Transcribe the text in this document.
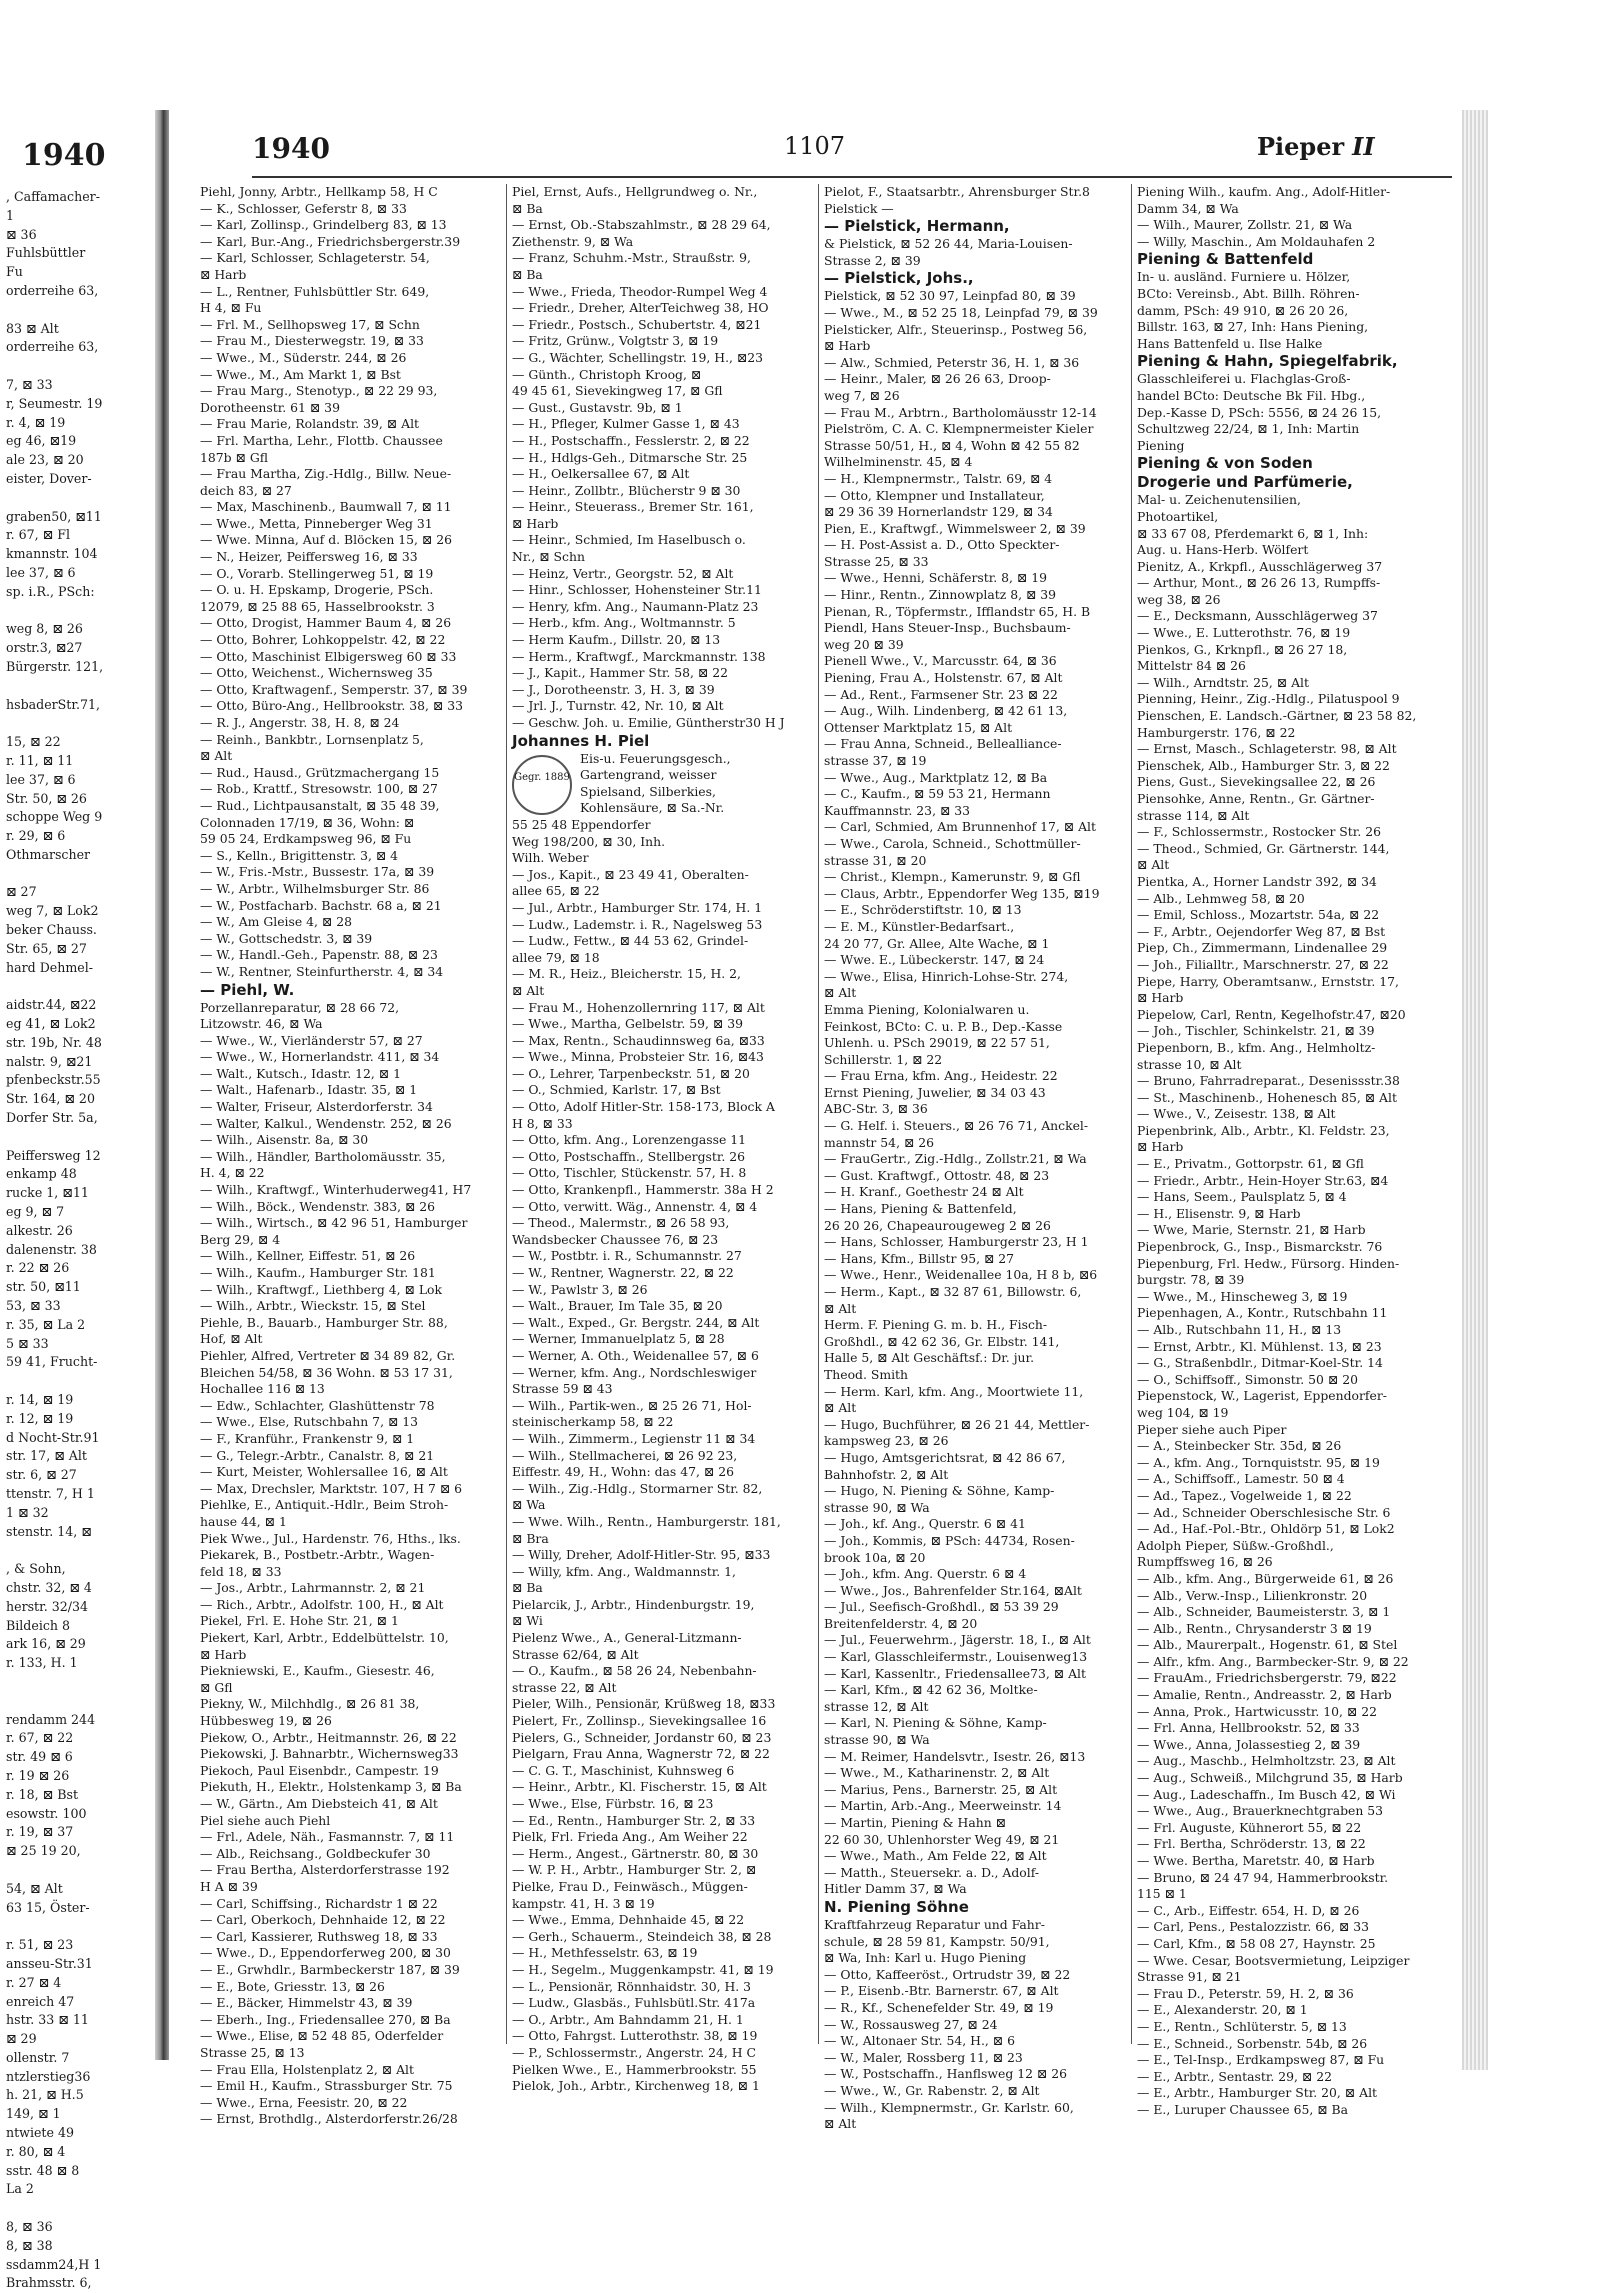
1940
, Caffamacher-
1
⊠ 36
Fuhlsbüttler
Fu
orderreihe 63,

83 ⊠ Alt
orderreihe 63,

7, ⊠ 33
r, Seumestr. 19
r. 4, ⊠ 19
eg 46, ⊠19
ale 23, ⊠ 20
eister, Dover-

graben50, ⊠11
r. 67, ⊠ Fl
kmannstr. 104
lee 37, ⊠ 6
sp. i.R., PSch:

weg 8, ⊠ 26
orstr.3, ⊠27
Bürgerstr. 121,

hsbaderStr.71,

15, ⊠ 22
r. 11, ⊠ 11
lee 37, ⊠ 6
Str. 50, ⊠ 26
schoppe Weg 9
r. 29, ⊠ 6
Othmarscher

⊠ 27
weg 7, ⊠ Lok2
beker Chauss.
Str. 65, ⊠ 27
hard Dehmel-

aidstr.44, ⊠22
eg 41, ⊠ Lok2
str. 19b, Nr. 48
nalstr. 9, ⊠21
pfenbeckstr.55
Str. 164, ⊠ 20
Dorfer Str. 5a,

Peiffersweg 12
enkamp 48
rucke 1, ⊠11
eg 9, ⊠ 7
alkestr. 26
dalenenstr. 38
r. 22 ⊠ 26
str. 50, ⊠11
53, ⊠ 33
r. 35, ⊠ La 2
5 ⊠ 33
59 41, Frucht-

r. 14, ⊠ 19
r. 12, ⊠ 19
d Nocht-Str.91
str. 17, ⊠ Alt
str. 6, ⊠ 27
ttenstr. 7, H 1
1 ⊠ 32
stenstr. 14, ⊠

, & Sohn,
chstr. 32, ⊠ 4
herstr. 32/34
Bildeich 8
ark 16, ⊠ 29
r. 133, H. 1

rendamm 244
r. 67, ⊠ 22
str. 49 ⊠ 6
r. 19 ⊠ 26
r. 18, ⊠ Bst
esowstr. 100
r. 19, ⊠ 37
⊠ 25 19 20,

54, ⊠ Alt
63 15, Öster-

r. 51, ⊠ 23
ansseu-Str.31
r. 27 ⊠ 4
enreich 47
hstr. 33 ⊠ 11
⊠ 29
ollenstr. 7
ntzlerstieg36
h. 21, ⊠ H.5
149, ⊠ 1
ntwiete 49
r. 80, ⊠ 4
sstr. 48 ⊠ 8
La 2

8, ⊠ 36
8, ⊠ 38
ssdamm24,H 1
Brahmsstr. 6,
1940	1107	Pieper II
Piehl, Jonny, Arbtr., Hellkamp 58, H C
— K., Schlosser, Geferstr 8, ⊠ 33
— Karl, Zollinsp., Grindelberg 83, ⊠ 13
— Karl, Bur.-Ang., Friedrichsbergerstr.39
— Karl, Schlosser, Schlageterstr. 54,
⊠ Harb
— L., Rentner, Fuhlsbüttler Str. 649,
H 4, ⊠ Fu
— Frl. M., Sellhopsweg 17, ⊠ Schn
— Frau M., Diesterwegstr. 19, ⊠ 33
— Wwe., M., Süderstr. 244, ⊠ 26
— Wwe., M., Am Markt 1, ⊠ Bst
— Frau Marg., Stenotyp., ⊠ 22 29 93,
Dorotheenstr. 61 ⊠ 39
— Frau Marie, Rolandstr. 39, ⊠ Alt
— Frl. Martha, Lehr., Flottb. Chaussee
187b ⊠ Gfl
— Frau Martha, Zig.-Hdlg., Billw. Neue-
deich 83, ⊠ 27
— Max, Maschinenb., Baumwall 7, ⊠ 11
— Wwe., Metta, Pinneberger Weg 31
— Wwe. Minna, Auf d. Blöcken 15, ⊠ 26
— N., Heizer, Peiffersweg 16, ⊠ 33
— O., Vorarb. Stellingerweg 51, ⊠ 19
— O. u. H. Epskamp, Drogerie, PSch.
12079, ⊠ 25 88 65, Hasselbrookstr. 3
— Otto, Drogist, Hammer Baum 4, ⊠ 26
— Otto, Bohrer, Lohkoppelstr. 42, ⊠ 22
— Otto, Maschinist Elbigersweg 60 ⊠ 33
— Otto, Weichenst., Wichernsweg 35
— Otto, Kraftwagenf., Semperstr. 37, ⊠ 39
— Otto, Büro-Ang., Hellbrookstr. 38, ⊠ 33
— R. J., Angerstr. 38, H. 8, ⊠ 24
— Reinh., Bankbtr., Lornsenplatz 5,
⊠ Alt
— Rud., Hausd., Grützmachergang 15
— Rob., Krattf., Stresowstr. 100, ⊠ 27
— Rud., Lichtpausanstalt, ⊠ 35 48 39,
Colonnaden 17/19, ⊠ 36, Wohn: ⊠
59 05 24, Erdkampsweg 96, ⊠ Fu
— S., Kelln., Brigittenstr. 3, ⊠ 4
— W., Fris.-Mstr., Bussestr. 17a, ⊠ 39
— W., Arbtr., Wilhelmsburger Str. 86
— W., Postfacharb. Bachstr. 68 a, ⊠ 21
— W., Am Gleise 4, ⊠ 28
— W., Gottschedstr. 3, ⊠ 39
— W., Handl.-Geh., Papenstr. 88, ⊠ 23
— W., Rentner, Steinfurtherstr. 4, ⊠ 34
— Piehl, W.
Porzellanreparatur, ⊠ 28 66 72,
Litzowstr. 46, ⊠ Wa
— Wwe., W., Vierländerstr 57, ⊠ 27
— Wwe., W., Hornerlandstr. 411, ⊠ 34
— Walt., Kutsch., Idastr. 12, ⊠ 1
— Walt., Hafenarb., Idastr. 35, ⊠ 1
— Walter, Friseur, Alsterdorferstr. 34
— Walter, Kalkul., Wendenstr. 252, ⊠ 26
— Wilh., Aisenstr. 8a, ⊠ 30
— Wilh., Händler, Bartholomäusstr. 35,
H. 4, ⊠ 22
— Wilh., Kraftwgf., Winterhuderweg41, H7
— Wilh., Böck., Wendenstr. 383, ⊠ 26
— Wilh., Wirtsch., ⊠ 42 96 51, Hamburger
Berg 29, ⊠ 4
— Wilh., Kellner, Eiffestr. 51, ⊠ 26
— Wilh., Kaufm., Hamburger Str. 181
— Wilh., Kraftwgf., Liethberg 4, ⊠ Lok
— Wilh., Arbtr., Wieckstr. 15, ⊠ Stel
Piehle, B., Bauarb., Hamburger Str. 88,
Hof, ⊠ Alt
Piehler, Alfred, Vertreter ⊠ 34 89 82, Gr.
Bleichen 54/58, ⊠ 36 Wohn. ⊠ 53 17 31,
Hochallee 116 ⊠ 13
— Edw., Schlachter, Glashüttenstr 78
— Wwe., Else, Rutschbahn 7, ⊠ 13
— F., Kranführ., Frankenstr 9, ⊠ 1
— G., Telegr.-Arbtr., Canalstr. 8, ⊠ 21
— Kurt, Meister, Wohlersallee 16, ⊠ Alt
— Max, Drechsler, Marktstr. 107, H 7 ⊠ 6
Piehlke, E., Antiquit.-Hdlr., Beim Stroh-
hause 44, ⊠ 1
Piek Wwe., Jul., Hardenstr. 76, Hths., lks.
Piekarek, B., Postbetr.-Arbtr., Wagen-
feld 18, ⊠ 33
— Jos., Arbtr., Lahrmannstr. 2, ⊠ 21
— Rich., Arbtr., Adolfstr. 100, H., ⊠ Alt
Piekel, Frl. E. Hohe Str. 21, ⊠ 1
Piekert, Karl, Arbtr., Eddelbüttelstr. 10,
⊠ Harb
Piekniewski, E., Kaufm., Giesestr. 46,
⊠ Gfl
Piekny, W., Milchhdlg., ⊠ 26 81 38,
Hübbesweg 19, ⊠ 26
Piekow, O., Arbtr., Heitmannstr. 26, ⊠ 22
Piekowski, J. Bahnarbtr., Wichernsweg33
Piekoch, Paul Eisenbdr., Campestr. 19
Piekuth, H., Elektr., Holstenkamp 3, ⊠ Ba
— W., Gärtn., Am Diebsteich 41, ⊠ Alt
Piel siehe auch Piehl
— Frl., Adele, Näh., Fasmannstr. 7, ⊠ 11
— Alb., Reichsang., Goldbeckufer 30
— Frau Bertha, Alsterdorferstrasse 192
H A ⊠ 39
— Carl, Schiffsing., Richardstr 1 ⊠ 22
— Carl, Oberkoch, Dehnhaide 12, ⊠ 22
— Carl, Kassierer, Ruthsweg 18, ⊠ 33
— Wwe., D., Eppendorferweg 200, ⊠ 30
— E., Grwhdlr., Barmbeckerstr 187, ⊠ 39
— E., Bote, Griesstr. 13, ⊠ 26
— E., Bäcker, Himmelstr 43, ⊠ 39
— Eberh., Ing., Friedensallee 270, ⊠ Ba
— Wwe., Elise, ⊠ 52 48 85, Oderfelder
Strasse 25, ⊠ 13
— Frau Ella, Holstenplatz 2, ⊠ Alt
— Emil H., Kaufm., Strassburger Str. 75
— Wwe., Erna, Feesistr. 20, ⊠ 22
— Ernst, Brothdlg., Alsterdorferstr.26/28
Piel, Ernst, Aufs., Hellgrundweg o. Nr.,
⊠ Ba
— Ernst, Ob.-Stabszahlmstr., ⊠ 28 29 64,
Ziethenstr. 9, ⊠ Wa
— Franz, Schuhm.-Mstr., Straußstr. 9,
⊠ Ba
— Wwe., Frieda, Theodor-Rumpel Weg 4
— Friedr., Dreher, AlterTeichweg 38, HO
— Friedr., Postsch., Schubertstr. 4, ⊠21
— Fritz, Grünw., Volgtstr 3, ⊠ 19
— G., Wächter, Schellingstr. 19, H., ⊠23
— Günth., Christoph Kroog, ⊠
49 45 61, Sievekingweg 17, ⊠ Gfl
— Gust., Gustavstr. 9b, ⊠ 1
— H., Pfleger, Kulmer Gasse 1, ⊠ 43
— H., Postschaffn., Fesslerstr. 2, ⊠ 22
— H., Hdlgs-Geh., Ditmarsche Str. 25
— H., Oelkersallee 67, ⊠ Alt
— Heinr., Zollbtr., Blücherstr 9 ⊠ 30
— Heinr., Steuerass., Bremer Str. 161,
⊠ Harb
— Heinr., Schmied, Im Haselbusch o.
Nr., ⊠ Schn
— Heinz, Vertr., Georgstr. 52, ⊠ Alt
— Hinr., Schlosser, Hohensteiner Str.11
— Henry, kfm. Ang., Naumann-Platz 23
— Herb., kfm. Ang., Woltmannstr. 5
— Herm Kaufm., Dillstr. 20, ⊠ 13
— Herm., Kraftwgf., Marckmannstr. 138
— J., Kapit., Hammer Str. 58, ⊠ 22
— J., Dorotheenstr. 3, H. 3, ⊠ 39
— Jrl. J., Turnstr. 42, Nr. 10, ⊠ Alt
— Geschw. Joh. u. Emilie, Güntherstr30 H J
Johannes H. Piel
Gegr. 1889
Eis-u. Feuerungsgesch.,
Gartengrand, weisser
Spielsand, Silberkies,
Kohlensäure, ⊠ Sa.-Nr.
55 25 48 Eppendorfer
Weg 198/200, ⊠ 30, Inh.
Wilh. Weber
— Jos., Kapit., ⊠ 23 49 41, Oberalten-
allee 65, ⊠ 22
— Jul., Arbtr., Hamburger Str. 174, H. 1
— Ludw., Lademstr. i. R., Nagelsweg 53
— Ludw., Fettw., ⊠ 44 53 62, Grindel-
allee 79, ⊠ 18
— M. R., Heiz., Bleicherstr. 15, H. 2,
⊠ Alt
— Frau M., Hohenzollernring 117, ⊠ Alt
— Wwe., Martha, Gelbelstr. 59, ⊠ 39
— Max, Rentn., Schaudinnsweg 6a, ⊠33
— Wwe., Minna, Probsteier Str. 16, ⊠43
— O., Lehrer, Tarpenbeckstr. 51, ⊠ 20
— O., Schmied, Karlstr. 17, ⊠ Bst
— Otto, Adolf Hitler-Str. 158-173, Block A
H 8, ⊠ 33
— Otto, kfm. Ang., Lorenzengasse 11
— Otto, Postschaffn., Stellbergstr. 26
— Otto, Tischler, Stückenstr. 57, H. 8
— Otto, Krankenpfl., Hammerstr. 38a H 2
— Otto, verwitt. Wäg., Annenstr. 4, ⊠ 4
— Theod., Malermstr., ⊠ 26 58 93,
Wandsbecker Chaussee 76, ⊠ 23
— W., Postbtr. i. R., Schumannstr. 27
— W., Rentner, Wagnerstr. 22, ⊠ 22
— W., Pawlstr 3, ⊠ 26
— Walt., Brauer, Im Tale 35, ⊠ 20
— Walt., Exped., Gr. Bergstr. 244, ⊠ Alt
— Werner, Immanuelplatz 5, ⊠ 28
— Werner, A. Oth., Weidenallee 57, ⊠ 6
— Werner, kfm. Ang., Nordschleswiger
Strasse 59 ⊠ 43
— Wilh., Partik-wen., ⊠ 25 26 71, Hol-
steinischerkamp 58, ⊠ 22
— Wilh., Zimmerm., Legienstr 11 ⊠ 34
— Wilh., Stellmacherei, ⊠ 26 92 23,
Eiffestr. 49, H., Wohn: das 47, ⊠ 26
— Wilh., Zig.-Hdlg., Stormarner Str. 82,
⊠ Wa
— Wwe. Wilh., Rentn., Hamburgerstr. 181,
⊠ Bra
— Willy, Dreher, Adolf-Hitler-Str. 95, ⊠33
— Willy, kfm. Ang., Waldmannstr. 1,
⊠ Ba
Pielarcik, J., Arbtr., Hindenburgstr. 19,
⊠ Wi
Pielenz Wwe., A., General-Litzmann-
Strasse 62/64, ⊠ Alt
— O., Kaufm., ⊠ 58 26 24, Nebenbahn-
strasse 22, ⊠ Alt
Pieler, Wilh., Pensionär, Krüßweg 18, ⊠33
Pielert, Fr., Zollinsp., Sievekingsallee 16
Pielers, G., Schneider, Jordanstr 60, ⊠ 23
Pielgarn, Frau Anna, Wagnerstr 72, ⊠ 22
— C. G. T., Maschinist, Kuhnsweg 6
— Heinr., Arbtr., Kl. Fischerstr. 15, ⊠ Alt
— Wwe., Else, Fürbstr. 16, ⊠ 23
— Ed., Rentn., Hamburger Str. 2, ⊠ 33
Pielk, Frl. Frieda Ang., Am Weiher 22
— Herm., Angest., Gärtnerstr. 80, ⊠ 30
— W. P. H., Arbtr., Hamburger Str. 2, ⊠
Pielke, Frau D., Feinwäsch., Müggen-
kampstr. 41, H. 3 ⊠ 19
— Wwe., Emma, Dehnhaide 45, ⊠ 22
— Gerh., Schauerm., Steindeich 38, ⊠ 28
— H., Methfesselstr. 63, ⊠ 19
— H., Segelm., Muggenkampstr. 41, ⊠ 19
— L., Pensionär, Rönnhaidstr. 30, H. 3
— Ludw., Glasbäs., Fuhlsbütl.Str. 417a
— O., Arbtr., Am Bahndamm 21, H. 1
— Otto, Fahrgst. Lutterothstr. 38, ⊠ 19
— P., Schlossermstr., Angerstr. 24, H C
Pielken Wwe., E., Hammerbrookstr. 55
Pielok, Joh., Arbtr., Kirchenweg 18, ⊠ 1
Pielot, F., Staatsarbtr., Ahrensburger Str.8
Pielstick —
— Pielstick, Hermann,
& Pielstick, ⊠ 52 26 44, Maria-Louisen-
Strasse 2, ⊠ 39
— Pielstick, Johs.,
Pielstick, ⊠ 52 30 97, Leinpfad 80, ⊠ 39
— Wwe., M., ⊠ 52 25 18, Leinpfad 79, ⊠ 39
Pielsticker, Alfr., Steuerinsp., Postweg 56,
⊠ Harb
— Alw., Schmied, Peterstr 36, H. 1, ⊠ 36
— Heinr., Maler, ⊠ 26 26 63, Droop-
weg 7, ⊠ 26
— Frau M., Arbtrn., Bartholomäusstr 12-14
Pielström, C. A. C. Klempnermeister Kieler
Strasse 50/51, H., ⊠ 4, Wohn ⊠ 42 55 82
Wilhelminenstr. 45, ⊠ 4
— H., Klempnermstr., Talstr. 69, ⊠ 4
— Otto, Klempner und Installateur,
⊠ 29 36 39 Hornerlandstr 129, ⊠ 34
Pien, E., Kraftwgf., Wimmelsweer 2, ⊠ 39
— H. Post-Assist a. D., Otto Speckter-
Strasse 25, ⊠ 33
— Wwe., Henni, Schäferstr. 8, ⊠ 19
— Hinr., Rentn., Zinnowplatz 8, ⊠ 39
Pienan, R., Töpfermstr., Ifflandstr 65, H. B
Piendl, Hans Steuer-Insp., Buchsbaum-
weg 20 ⊠ 39
Pienell Wwe., V., Marcusstr. 64, ⊠ 36
Piening, Frau A., Holstenstr. 67, ⊠ Alt
— Ad., Rent., Farmsener Str. 23 ⊠ 22
— Aug., Wilh. Lindenberg, ⊠ 42 61 13,
Ottenser Marktplatz 15, ⊠ Alt
— Frau Anna, Schneid., Bellealliance-
strasse 37, ⊠ 19
— Wwe., Aug., Marktplatz 12, ⊠ Ba
— C., Kaufm., ⊠ 59 53 21, Hermann
Kauffmannstr. 23, ⊠ 33
— Carl, Schmied, Am Brunnenhof 17, ⊠ Alt
— Wwe., Carola, Schneid., Schottmüller-
strasse 31, ⊠ 20
— Christ., Klempn., Kamerunstr. 9, ⊠ Gfl
— Claus, Arbtr., Eppendorfer Weg 135, ⊠19
— E., Schröderstiftstr. 10, ⊠ 13
— E. M., Künstler-Bedarfsart.,
24 20 77, Gr. Allee, Alte Wache, ⊠ 1
— Wwe. E., Lübeckerstr. 147, ⊠ 24
— Wwe., Elisa, Hinrich-Lohse-Str. 274,
⊠ Alt
Emma Piening, Kolonialwaren u.
Feinkost, BCto: C. u. P. B., Dep.-Kasse
Uhlenh. u. PSch 29019, ⊠ 22 57 51,
Schillerstr. 1, ⊠ 22
— Frau Erna, kfm. Ang., Heidestr. 22
Ernst Piening, Juwelier, ⊠ 34 03 43
ABC-Str. 3, ⊠ 36
— G. Helf. i. Steuers., ⊠ 26 76 71, Anckel-
mannstr 54, ⊠ 26
— FrauGertr., Zig.-Hdlg., Zollstr.21, ⊠ Wa
— Gust. Kraftwgf., Ottostr. 48, ⊠ 23
— H. Kranf., Goethestr 24 ⊠ Alt
— Hans, Piening & Battenfeld,
26 20 26, Chapeaurougeweg 2 ⊠ 26
— Hans, Schlosser, Hamburgerstr 23, H 1
— Hans, Kfm., Billstr 95, ⊠ 27
— Wwe., Henr., Weidenallee 10a, H 8 b, ⊠6
— Herm., Kapt., ⊠ 32 87 61, Billowstr. 6,
⊠ Alt
Herm. F. Piening G. m. b. H., Fisch-
Großhdl., ⊠ 42 62 36, Gr. Elbstr. 141,
Halle 5, ⊠ Alt Geschäftsf.: Dr. jur.
Theod. Smith
— Herm. Karl, kfm. Ang., Moortwiete 11,
⊠ Alt
— Hugo, Buchführer, ⊠ 26 21 44, Mettler-
kampsweg 23, ⊠ 26
— Hugo, Amtsgerichtsrat, ⊠ 42 86 67,
Bahnhofstr. 2, ⊠ Alt
— Hugo, N. Piening & Söhne, Kamp-
strasse 90, ⊠ Wa
— Joh., kf. Ang., Querstr. 6 ⊠ 41
— Joh., Kommis, ⊠ PSch: 44734, Rosen-
brook 10a, ⊠ 20
— Joh., kfm. Ang. Querstr. 6 ⊠ 4
— Wwe., Jos., Bahrenfelder Str.164, ⊠Alt
— Jul., Seefisch-Großhdl., ⊠ 53 39 29
Breitenfelderstr. 4, ⊠ 20
— Jul., Feuerwehrm., Jägerstr. 18, I., ⊠ Alt
— Karl, Glasschleifermstr., Louisenweg13
— Karl, Kassenltr., Friedensallee73, ⊠ Alt
— Karl, Kfm., ⊠ 42 62 36, Moltke-
strasse 12, ⊠ Alt
— Karl, N. Piening & Söhne, Kamp-
strasse 90, ⊠ Wa
— M. Reimer, Handelsvtr., Isestr. 26, ⊠13
— Wwe., M., Katharinenstr. 2, ⊠ Alt
— Marius, Pens., Barnerstr. 25, ⊠ Alt
— Martin, Arb.-Ang., Meerweinstr. 14
— Martin, Piening & Hahn ⊠
22 60 30, Uhlenhorster Weg 49, ⊠ 21
— Wwe., Math., Am Felde 22, ⊠ Alt
— Matth., Steuersekr. a. D., Adolf-
Hitler Damm 37, ⊠ Wa
N. Piening Söhne
Kraftfahrzeug Reparatur und Fahr-
schule, ⊠ 28 59 81, Kampstr. 50/91,
⊠ Wa, Inh: Karl u. Hugo Piening
— Otto, Kaffeeröst., Ortrudstr 39, ⊠ 22
— P., Eisenb.-Btr. Barnerstr. 67, ⊠ Alt
— R., Kf., Schenefelder Str. 49, ⊠ 19
— W., Rossausweg 27, ⊠ 24
— W., Altonaer Str. 54, H., ⊠ 6
— W., Maler, Rossberg 11, ⊠ 23
— W., Postschaffn., Hanflsweg 12 ⊠ 26
— Wwe., W., Gr. Rabenstr. 2, ⊠ Alt
— Wilh., Klempnermstr., Gr. Karlstr. 60,
⊠ Alt
Piening Wilh., kaufm. Ang., Adolf-Hitler-
Damm 34, ⊠ Wa
— Wilh., Maurer, Zollstr. 21, ⊠ Wa
— Willy, Maschin., Am Moldauhafen 2
Piening & Battenfeld
In- u. ausländ. Furniere u. Hölzer,
BCto: Vereinsb., Abt. Billh. Röhren-
damm, PSch: 49 910, ⊠ 26 20 26,
Billstr. 163, ⊠ 27, Inh: Hans Piening,
Hans Battenfeld u. Ilse Halke
Piening & Hahn, Spiegelfabrik,
Glasschleiferei u. Flachglas-Groß-
handel BCto: Deutsche Bk Fil. Hbg.,
Dep.-Kasse D, PSch: 5556, ⊠ 24 26 15,
Schultzweg 22/24, ⊠ 1, Inh: Martin
Piening
Piening & von Soden
Drogerie und Parfümerie,
Mal- u. Zeichenutensilien,
Photoartikel,
⊠ 33 67 08, Pferdemarkt 6, ⊠ 1, Inh:
Aug. u. Hans-Herb. Wölfert
Pienitz, A., Krkpfl., Ausschlägerweg 37
— Arthur, Mont., ⊠ 26 26 13, Rumpffs-
weg 38, ⊠ 26
— E., Decksmann, Ausschlägerweg 37
— Wwe., E. Lutterothstr. 76, ⊠ 19
Pienkos, G., Krknpfl., ⊠ 26 27 18,
Mittelstr 84 ⊠ 26
— Wilh., Arndtstr. 25, ⊠ Alt
Pienning, Heinr., Zig.-Hdlg., Pilatuspool 9
Pienschen, E. Landsch.-Gärtner, ⊠ 23 58 82,
Hamburgerstr. 176, ⊠ 22
— Ernst, Masch., Schlageterstr. 98, ⊠ Alt
Pienschek, Alb., Hamburger Str. 3, ⊠ 22
Piens, Gust., Sievekingsallee 22, ⊠ 26
Piensohke, Anne, Rentn., Gr. Gärtner-
strasse 114, ⊠ Alt
— F., Schlossermstr., Rostocker Str. 26
— Theod., Schmied, Gr. Gärtnerstr. 144,
⊠ Alt
Pientka, A., Horner Landstr 392, ⊠ 34
— Alb., Lehmweg 58, ⊠ 20
— Emil, Schloss., Mozartstr. 54a, ⊠ 22
— F., Arbtr., Oejendorfer Weg 87, ⊠ Bst
Piep, Ch., Zimmermann, Lindenallee 29
— Joh., Filialltr., Marschnerstr. 27, ⊠ 22
Piepe, Harry, Oberamtsanw., Ernststr. 17,
⊠ Harb
Piepelow, Carl, Rentn, Kegelhofstr.47, ⊠20
— Joh., Tischler, Schinkelstr. 21, ⊠ 39
Piepenborn, B., kfm. Ang., Helmholtz-
strasse 10, ⊠ Alt
— Bruno, Fahrradreparat., Desenissstr.38
— St., Maschinenb., Hohenesch 85, ⊠ Alt
— Wwe., V., Zeisestr. 138, ⊠ Alt
Piepenbrink, Alb., Arbtr., Kl. Feldstr. 23,
⊠ Harb
— E., Privatm., Gottorpstr. 61, ⊠ Gfl
— Friedr., Arbtr., Hein-Hoyer Str.63, ⊠4
— Hans, Seem., Paulsplatz 5, ⊠ 4
— H., Elisenstr. 9, ⊠ Harb
— Wwe, Marie, Sternstr. 21, ⊠ Harb
Piepenbrock, G., Insp., Bismarckstr. 76
Piepenburg, Frl. Hedw., Fürsorg. Hinden-
burgstr. 78, ⊠ 39
— Wwe., M., Hinscheweg 3, ⊠ 19
Piepenhagen, A., Kontr., Rutschbahn 11
— Alb., Rutschbahn 11, H., ⊠ 13
— Ernst, Arbtr., Kl. Mühlenst. 13, ⊠ 23
— G., Straßenbdlr., Ditmar-Koel-Str. 14
— O., Schiffsoff., Simonstr. 50 ⊠ 20
Piepenstock, W., Lagerist, Eppendorfer-
weg 104, ⊠ 19
Pieper siehe auch Piper
— A., Steinbecker Str. 35d, ⊠ 26
— A., kfm. Ang., Tornquiststr. 95, ⊠ 19
— A., Schiffsoff., Lamestr. 50 ⊠ 4
— Ad., Tapez., Vogelweide 1, ⊠ 22
— Ad., Schneider Oberschlesische Str. 6
— Ad., Haf.-Pol.-Btr., Ohldörp 51, ⊠ Lok2
Adolph Pieper, Süßw.-Großhdl.,
Rumpffsweg 16, ⊠ 26
— Alb., kfm. Ang., Bürgerweide 61, ⊠ 26
— Alb., Verw.-Insp., Lilienkronstr. 20
— Alb., Schneider, Baumeisterstr. 3, ⊠ 1
— Alb., Rentn., Chrysanderstr 3 ⊠ 19
— Alb., Maurerpalt., Hogenstr. 61, ⊠ Stel
— Alfr., kfm. Ang., Barmbecker-Str. 9, ⊠ 22
— FrauAm., Friedrichsbergerstr. 79, ⊠22
— Amalie, Rentn., Andreasstr. 2, ⊠ Harb
— Anna, Prok., Hartwicusstr. 10, ⊠ 22
— Frl. Anna, Hellbrookstr. 52, ⊠ 33
— Wwe., Anna, Jolassestieg 2, ⊠ 39
— Aug., Maschb., Helmholtzstr. 23, ⊠ Alt
— Aug., Schweiß., Milchgrund 35, ⊠ Harb
— Aug., Ladeschaffn., Im Busch 42, ⊠ Wi
— Wwe., Aug., Brauerknechtgraben 53
— Frl. Auguste, Kühnerort 55, ⊠ 22
— Frl. Bertha, Schröderstr. 13, ⊠ 22
— Wwe. Bertha, Maretstr. 40, ⊠ Harb
— Bruno, ⊠ 24 47 94, Hammerbrookstr.
115 ⊠ 1
— C., Arb., Eiffestr. 654, H. D, ⊠ 26
— Carl, Pens., Pestalozzistr. 66, ⊠ 33
— Carl, Kfm., ⊠ 58 08 27, Haynstr. 25
— Wwe. Cesar, Bootsvermietung, Leipziger
Strasse 91, ⊠ 21
— Frau D., Peterstr. 59, H. 2, ⊠ 36
— E., Alexanderstr. 20, ⊠ 1
— E., Rentn., Schlüterstr. 5, ⊠ 13
— E., Schneid., Sorbenstr. 54b, ⊠ 26
— E., Tel-Insp., Erdkampsweg 87, ⊠ Fu
— E., Arbtr., Sentastr. 29, ⊠ 22
— E., Arbtr., Hamburger Str. 20, ⊠ Alt
— E., Luruper Chaussee 65, ⊠ Ba
